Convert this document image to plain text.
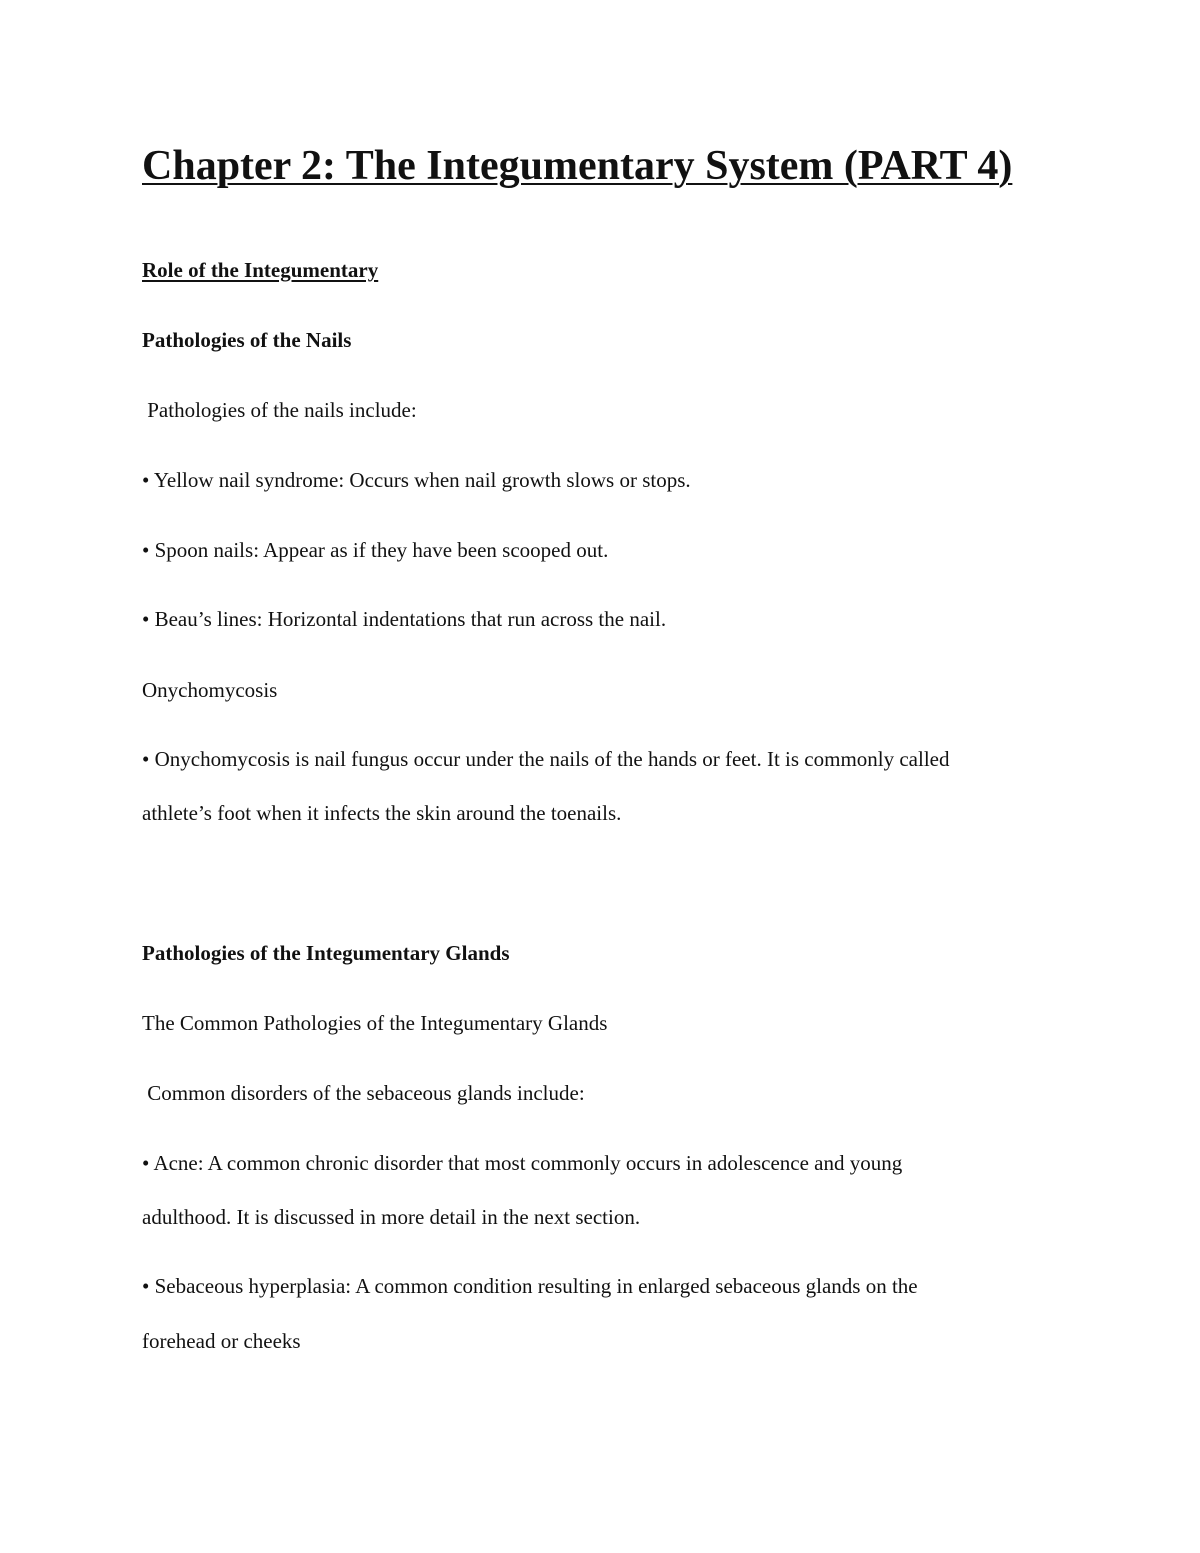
Chapter 2: The Integumentary System (PART 4)
Role of the Integumentary
Pathologies of the Nails
Pathologies of the nails include:
• Yellow nail syndrome: Occurs when nail growth slows or stops.
• Spoon nails: Appear as if they have been scooped out.
• Beau’s lines: Horizontal indentations that run across the nail.
Onychomycosis
• Onychomycosis is nail fungus occur under the nails of the hands or feet. It is commonly called
athlete’s foot when it infects the skin around the toenails.
Pathologies of the Integumentary Glands
The Common Pathologies of the Integumentary Glands
Common disorders of the sebaceous glands include:
• Acne: A common chronic disorder that most commonly occurs in adolescence and young
adulthood. It is discussed in more detail in the next section.
• Sebaceous hyperplasia: A common condition resulting in enlarged sebaceous glands on the
forehead or cheeks
